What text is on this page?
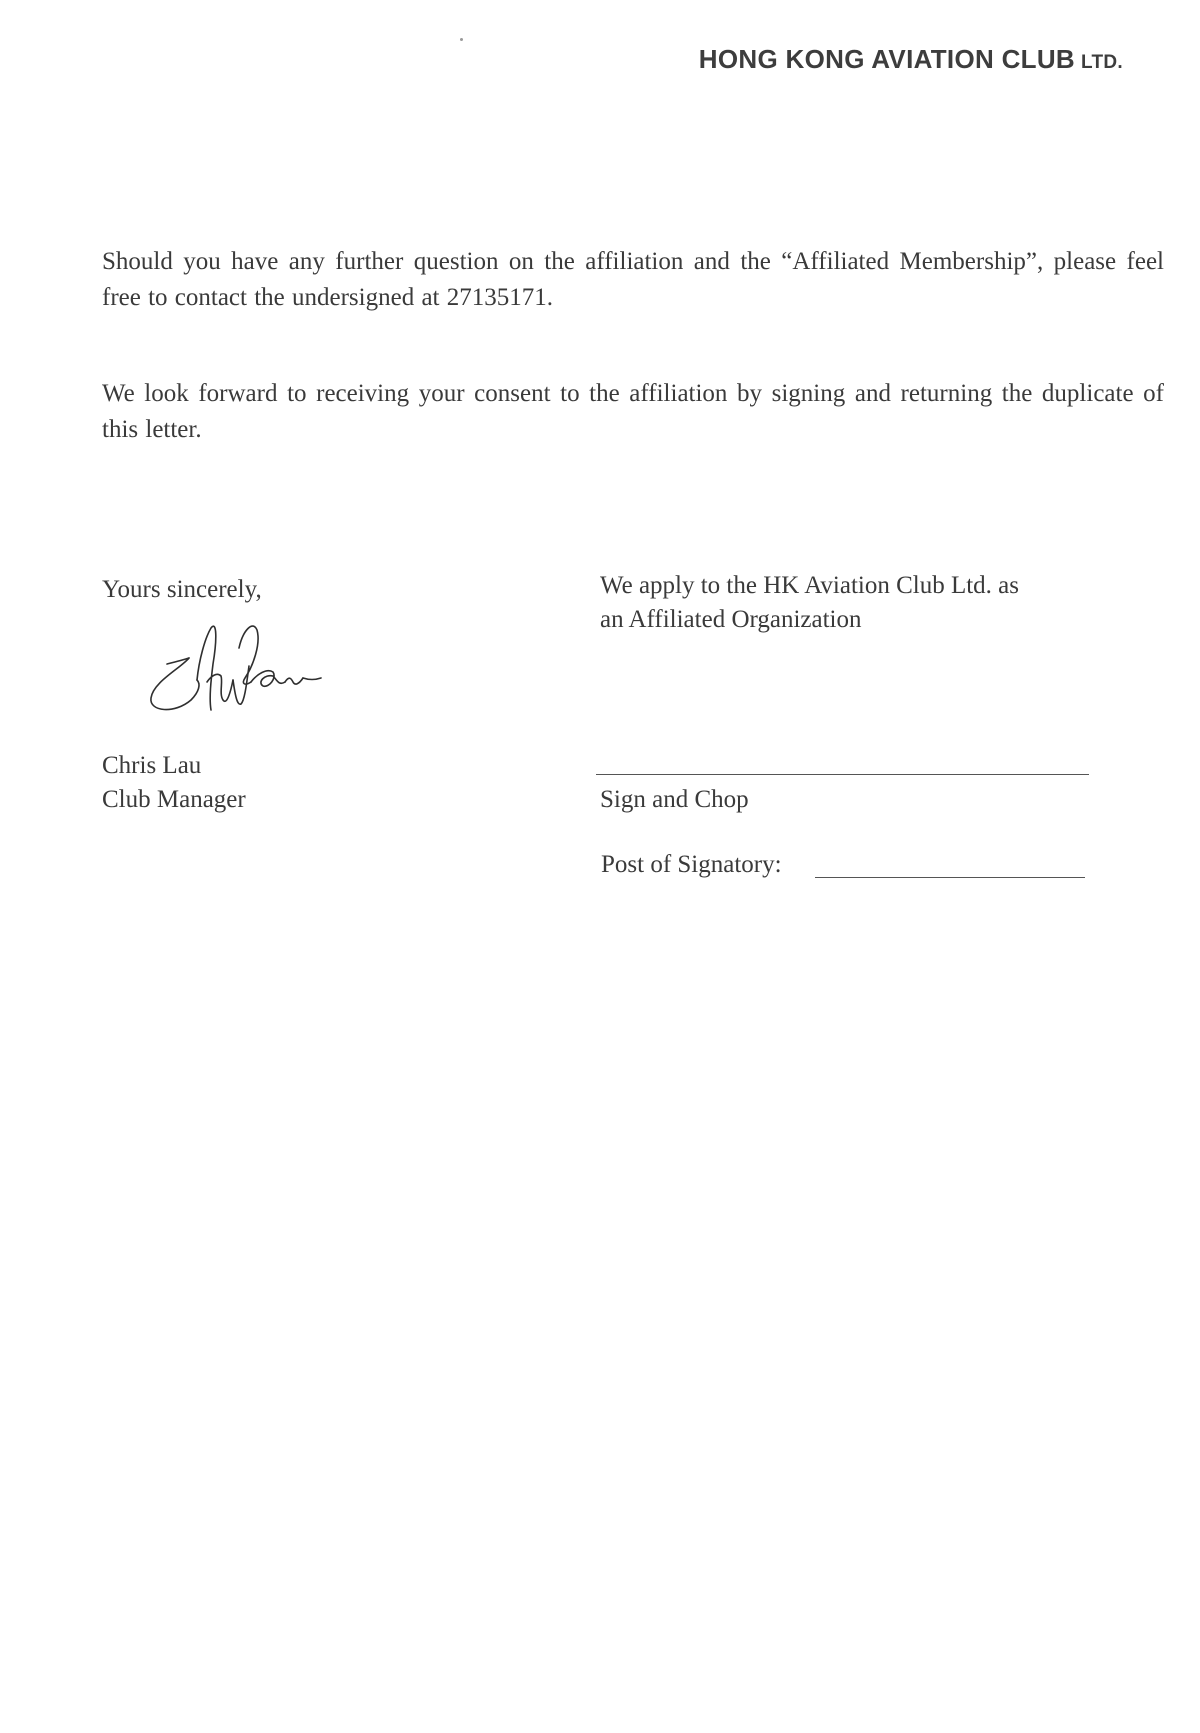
HONG KONG AVIATION CLUB LTD.
Should you have any further question on the affiliation and the “Affiliated Membership”, please feel free to contact the undersigned at 27135171.
We look forward to receiving your consent to the affiliation by signing and returning the duplicate of this letter.
Yours sincerely,
Chris Lau
Club Manager
We apply to the HK Aviation Club Ltd. as
an Affiliated Organization
Sign and Chop
Post of Signatory:
